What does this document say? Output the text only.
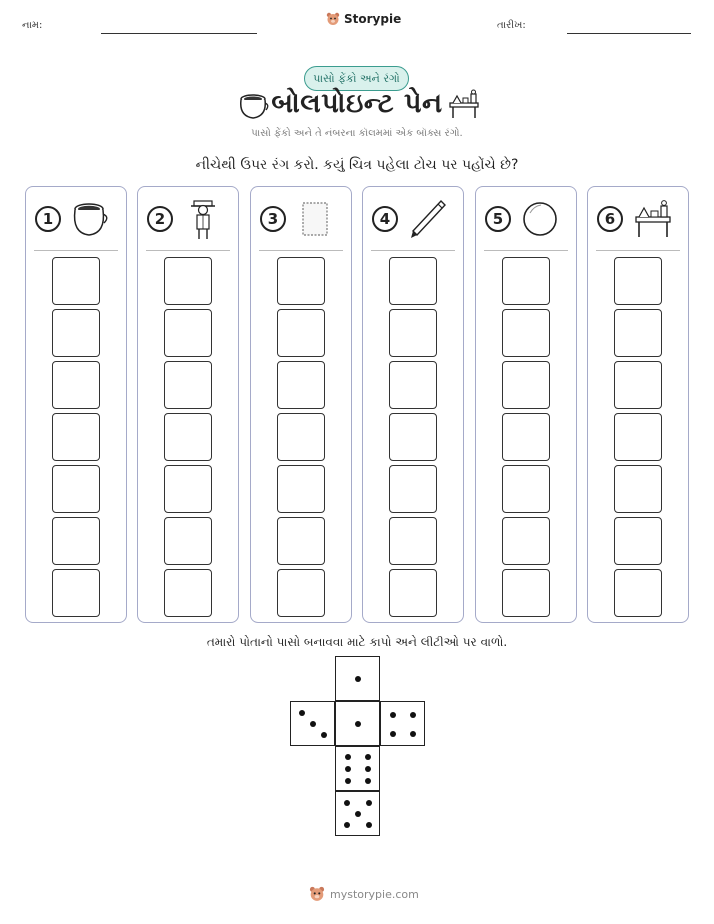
નામ:	Storypie	તારીખ:
પાસો ફેંકો અને રંગો
બોલપોઇન્ટ પેન
પાસો ફેંકો અને તે નંબરના કૉલમમાં એક બૉક્સ રંગો.
નીચેથી ઉપર રંગ કરો. કયું ચિત્ર પહેલા ટોચ પર પહોંચે છે?
1	2	3	4	5	6
તમારો પોતાનો પાસો બનાવવા માટે કાપો અને લીટીઓ પર વાળો.
mystorypie.com
